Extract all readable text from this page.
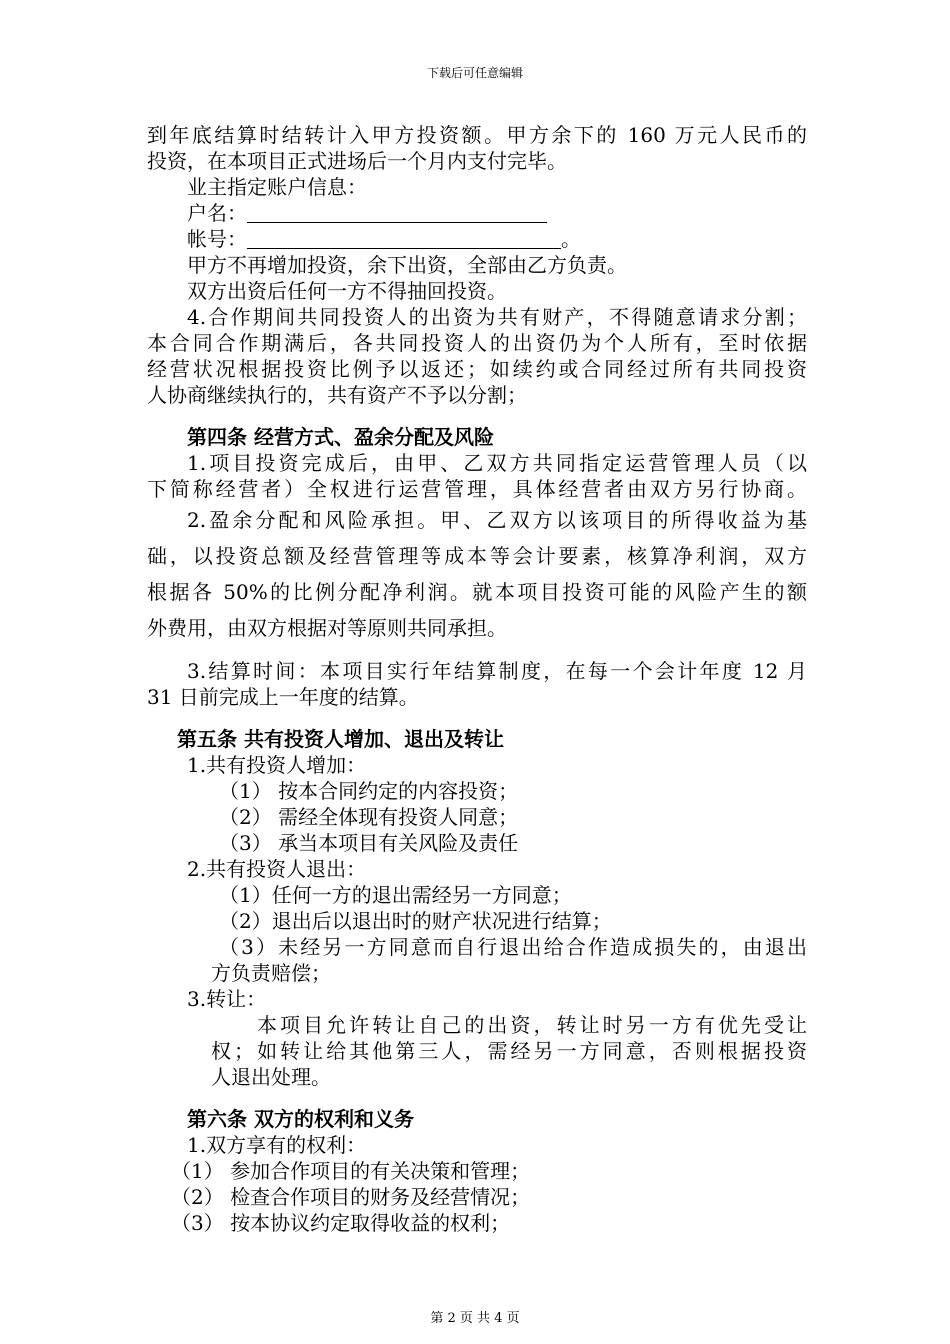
下载后可任意编辑
到年底结算时结转计入甲方投资额。甲方余下的 160 万元人民币的
投资，在本项目正式进场后一个月内支付完毕。
业主指定账户信息：
户名：
帐号：	。
甲方不再增加投资，余下出资，全部由乙方负责。
双方出资后任何一方不得抽回投资。
4.合作期间共同投资人的出资为共有财产，不得随意请求分割；
本合同合作期满后，各共同投资人的出资仍为个人所有，至时依据
经营状况根据投资比例予以返还；如续约或合同经过所有共同投资
人协商继续执行的，共有资产不予以分割；
第四条 经营方式、盈余分配及风险
1.项目投资完成后，由甲、乙双方共同指定运营管理人员（以
下简称经营者）全权进行运营管理，具体经营者由双方另行协商。
2.盈余分配和风险承担。甲、乙双方以该项目的所得收益为基
础，以投资总额及经营管理等成本等会计要素，核算净利润，双方
根据各 50%的比例分配净利润。就本项目投资可能的风险产生的额
外费用，由双方根据对等原则共同承担。
3.结算时间：本项目实行年结算制度，在每一个会计年度 12 月
31 日前完成上一年度的结算。
第五条 共有投资人增加、退出及转让
1.共有投资人增加：
（1） 按本合同约定的内容投资；
（2） 需经全体现有投资人同意；
（3） 承当本项目有关风险及责任
2.共有投资人退出：
（1）任何一方的退出需经另一方同意；
（2）退出后以退出时的财产状况进行结算；
（3）未经另一方同意而自行退出给合作造成损失的，由退出
方负责赔偿；
3.转让：
本项目允许转让自己的出资，转让时另一方有优先受让
权；如转让给其他第三人，需经另一方同意，否则根据投资
人退出处理。
第六条 双方的权利和义务
1.双方享有的权利：
（1） 参加合作项目的有关决策和管理；
（2） 检查合作项目的财务及经营情况；
（3） 按本协议约定取得收益的权利；
第 2 页 共 4 页
